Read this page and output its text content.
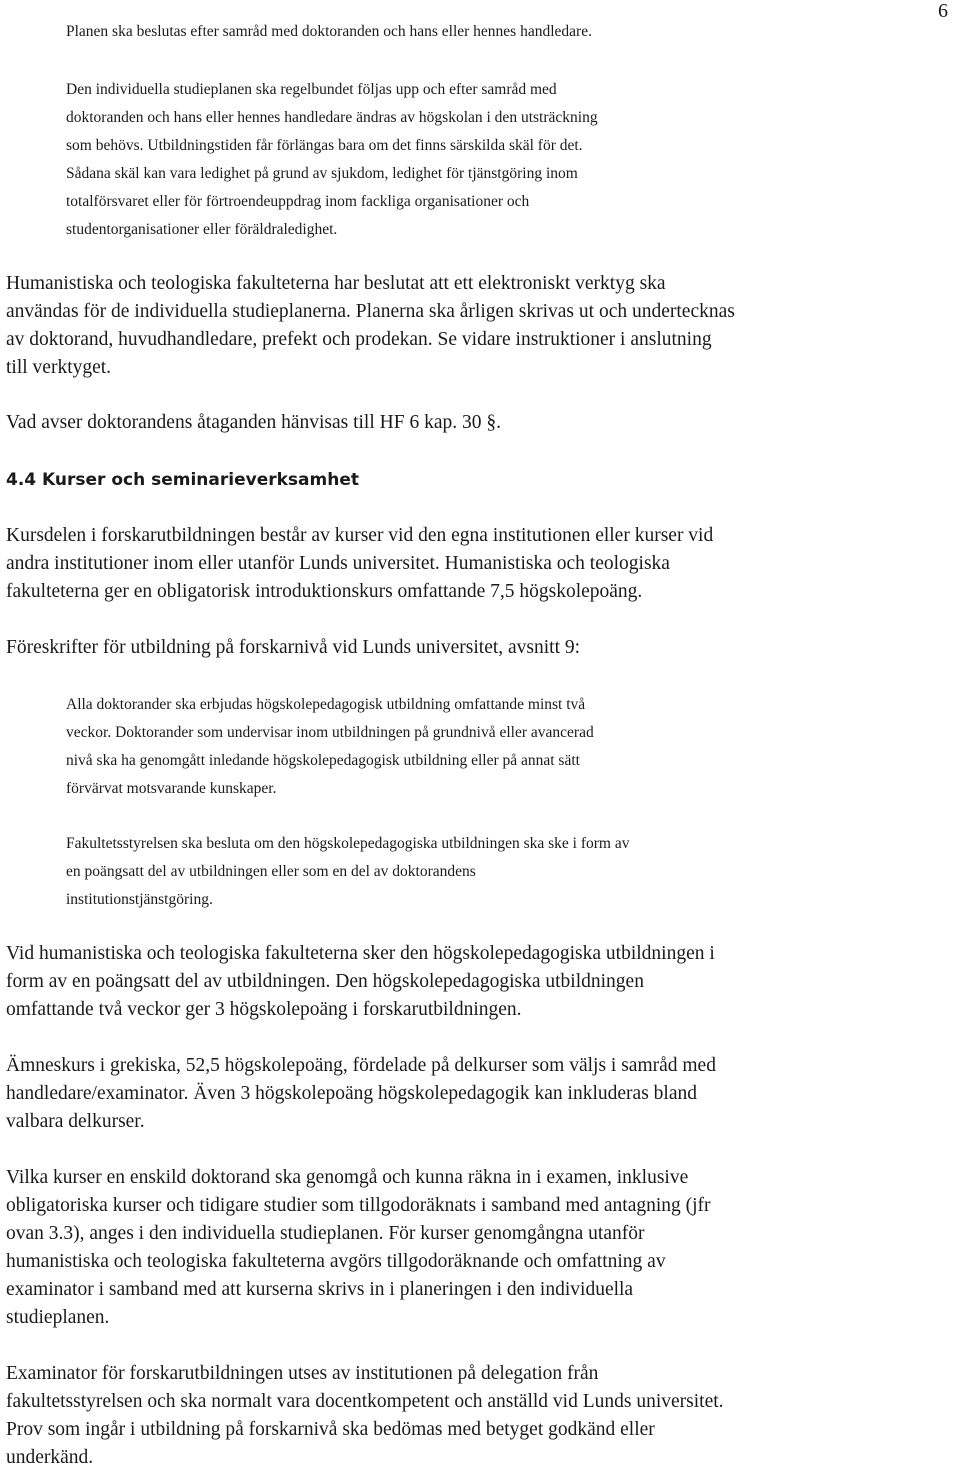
6
Planen ska beslutas efter samråd med doktoranden och hans eller hennes handledare.
Den individuella studieplanen ska regelbundet följas upp och efter samråd med
doktoranden och hans eller hennes handledare ändras av högskolan i den utsträckning
som behövs. Utbildningstiden får förlängas bara om det finns särskilda skäl för det.
Sådana skäl kan vara ledighet på grund av sjukdom, ledighet för tjänstgöring inom
totalförsvaret eller för förtroendeuppdrag inom fackliga organisationer och
studentorganisationer eller föräldraledighet.
Humanistiska och teologiska fakulteterna har beslutat att ett elektroniskt verktyg ska
användas för de individuella studieplanerna. Planerna ska årligen skrivas ut och undertecknas
av doktorand, huvudhandledare, prefekt och prodekan. Se vidare instruktioner i anslutning
till verktyget.
Vad avser doktorandens åtaganden hänvisas till HF 6 kap. 30 §.
4.4 Kurser och seminarieverksamhet
Kursdelen i forskarutbildningen består av kurser vid den egna institutionen eller kurser vid
andra institutioner inom eller utanför Lunds universitet. Humanistiska och teologiska
fakulteterna ger en obligatorisk introduktionskurs omfattande 7,5 högskolepoäng.
Föreskrifter för utbildning på forskarnivå vid Lunds universitet, avsnitt 9:
Alla doktorander ska erbjudas högskolepedagogisk utbildning omfattande minst två
veckor. Doktorander som undervisar inom utbildningen på grundnivå eller avancerad
nivå ska ha genomgått inledande högskolepedagogisk utbildning eller på annat sätt
förvärvat motsvarande kunskaper.
Fakultetsstyrelsen ska besluta om den högskolepedagogiska utbildningen ska ske i form av
en poängsatt del av utbildningen eller som en del av doktorandens
institutionstjänstgöring.
Vid humanistiska och teologiska fakulteterna sker den högskolepedagogiska utbildningen i
form av en poängsatt del av utbildningen. Den högskolepedagogiska utbildningen
omfattande två veckor ger 3 högskolepoäng i forskarutbildningen.
Ämneskurs i grekiska, 52,5 högskolepoäng, fördelade på delkurser som väljs i samråd med
handledare/examinator. Även 3 högskolepoäng högskolepedagogik kan inkluderas bland
valbara delkurser.
Vilka kurser en enskild doktorand ska genomgå och kunna räkna in i examen, inklusive
obligatoriska kurser och tidigare studier som tillgodoräknats i samband med antagning (jfr
ovan 3.3), anges i den individuella studieplanen. För kurser genomgångna utanför
humanistiska och teologiska fakulteterna avgörs tillgodoräknande och omfattning av
examinator i samband med att kurserna skrivs in i planeringen i den individuella
studieplanen.
Examinator för forskarutbildningen utses av institutionen på delegation från
fakultetsstyrelsen och ska normalt vara docentkompetent och anställd vid Lunds universitet.
Prov som ingår i utbildning på forskarnivå ska bedömas med betyget godkänd eller
underkänd.
